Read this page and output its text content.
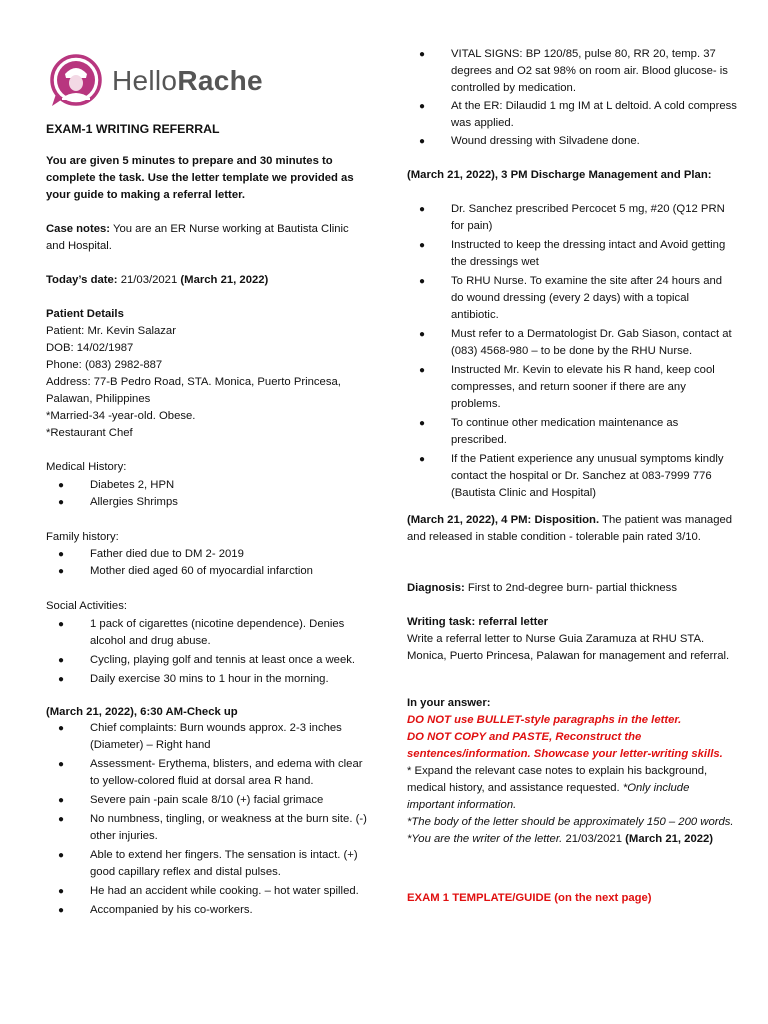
HelloRache
EXAM-1 WRITING REFERRAL

You are given 5 minutes to prepare and 30 minutes to complete the task. Use the letter template we provided as your guide to making a referral letter.

Case notes: You are an ER Nurse working at Bautista Clinic and Hospital.

Today’s date: 21/03/2021 (March 21, 2022)

Patient Details

Patient: Mr. Kevin Salazar

DOB: 14/02/1987

Phone: (083) 2982-887

Address: 77-B Pedro Road, STA. Monica, Puerto Princesa, Palawan, Philippines

*Married-34 -year-old. Obese.

*Restaurant Chef

Medical History:

● Diabetes 2, HPN
● Allergies Shrimps

Family history:

● Father died due to DM 2- 2019
● Mother died aged 60 of myocardial infarction

Social Activities:

● 1 pack of cigarettes (nicotine dependence). Denies alcohol and drug abuse.
● Cycling, playing golf and tennis at least once a week.
● Daily exercise 30 mins to 1 hour in the morning.

(March 21, 2022), 6:30 AM-Check up

● Chief complaints: Burn wounds approx. 2-3 inches (Diameter) – Right hand
● Assessment- Erythema, blisters, and edema with clear to yellow-colored fluid at dorsal area R hand.
● Severe pain -pain scale 8/10 (+) facial grimace
● No numbness, tingling, or weakness at the burn site. (-) other injuries.
● Able to extend her fingers. The sensation is intact. (+) good capillary reflex and distal pulses.
● He had an accident while cooking. – hot water spilled.
● Accompanied by his co-workers.
● VITAL SIGNS: BP 120/85, pulse 80, RR 20, temp. 37 degrees and O2 sat 98% on room air. Blood glucose- is controlled by medication.
● At the ER: Dilaudid 1 mg IM at L deltoid. A cold compress was applied.
● Wound dressing with Silvadene done.

(March 21, 2022), 3 PM Discharge Management and Plan:

● Dr. Sanchez prescribed Percocet 5 mg, #20 (Q12 PRN for pain)
● Instructed to keep the dressing intact and Avoid getting the dressings wet
● To RHU Nurse. To examine the site after 24 hours and do wound dressing (every 2 days) with a topical antibiotic.
● Must refer to a Dermatologist Dr. Gab Siason, contact at (083) 4568-980 – to be done by the RHU Nurse.
● Instructed Mr. Kevin to elevate his R hand, keep cool compresses, and return sooner if there are any problems.
● To continue other medication maintenance as prescribed.
● If the Patient experience any unusual symptoms kindly contact the hospital or Dr. Sanchez at 083-7999 776 (Bautista Clinic and Hospital)

(March 21, 2022), 4 PM: Disposition. The patient was managed and released in stable condition - tolerable pain rated 3/10.

Diagnosis: First to 2nd-degree burn- partial thickness

Writing task: referral letter

Write a referral letter to Nurse Guia Zaramuza at RHU STA. Monica, Puerto Princesa, Palawan for management and referral.

In your answer:

DO NOT use BULLET-style paragraphs in the letter.

DO NOT COPY and PASTE, Reconstruct the sentences/information. Showcase your letter-writing skills.

* Expand the relevant case notes to explain his background, medical history, and assistance requested. *Only include important information.

*The body of the letter should be approximately 150 – 200 words.

*You are the writer of the letter. 21/03/2021 (March 21, 2022)

EXAM 1 TEMPLATE/GUIDE (on the next page)
